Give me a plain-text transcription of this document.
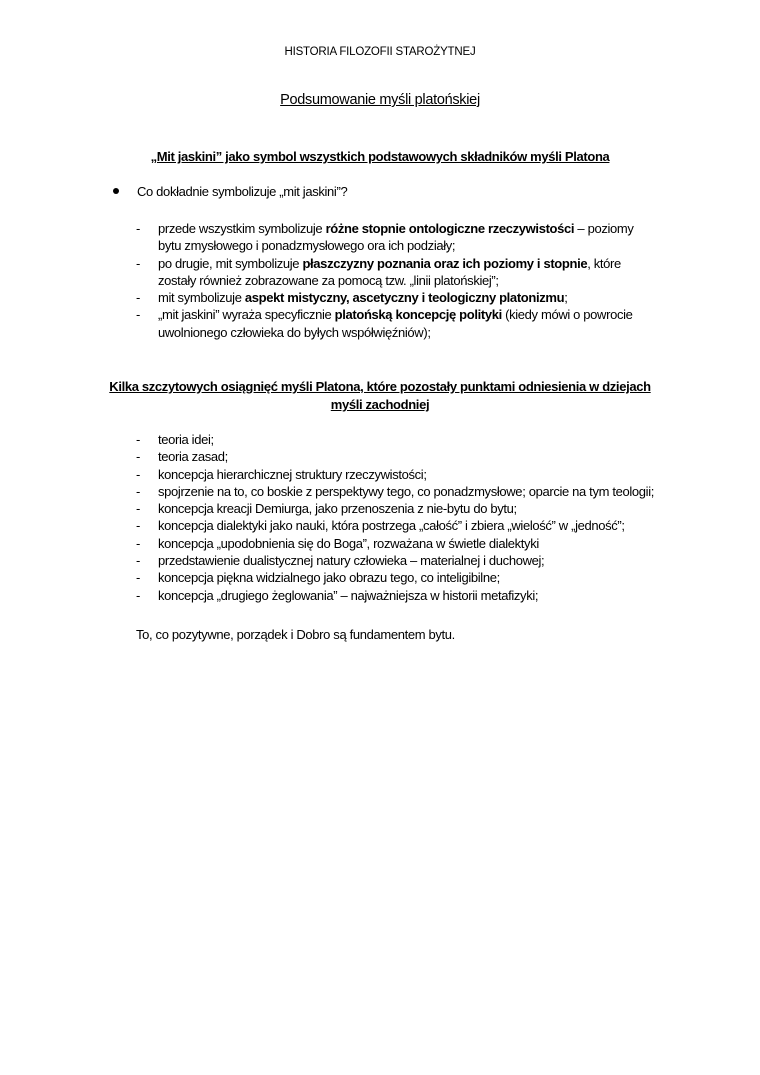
HISTORIA FILOZOFII STAROŻYTNEJ
Podsumowanie myśli platońskiej
„Mit jaskini” jako symbol wszystkich podstawowych składników myśli Platona
Co dokładnie symbolizuje „mit jaskini”?
- przede wszystkim symbolizuje różne stopnie ontologiczne rzeczywistości – poziomy bytu zmysłowego i ponadzmysłowego ora ich podziały;
- po drugie, mit symbolizuje płaszczyzny poznania oraz ich poziomy i stopnie, które zostały również zobrazowane za pomocą tzw. „linii platońskiej”;
- mit symbolizuje aspekt mistyczny, ascetyczny i teologiczny platonizmu;
- „mit jaskini” wyraża specyficznie platońską koncepcję polityki (kiedy mówi o powrocie uwolnionego człowieka do byłych współwięźniów);
Kilka szczytowych osiągnięć myśli Platona, które pozostały punktami odniesienia w dziejach
myśli zachodniej
- teoria idei;
- teoria zasad;
- koncepcja hierarchicznej struktury rzeczywistości;
- spojrzenie na to, co boskie z perspektywy tego, co ponadzmysłowe; oparcie na tym teologii;
- koncepcja kreacji Demiurga, jako przenoszenia z nie-bytu do bytu;
- koncepcja dialektyki jako nauki, która postrzega „całość” i zbiera „wielość” w „jedność”;
- koncepcja „upodobnienia się do Boga”, rozważana w świetle dialektyki
- przedstawienie dualistycznej natury człowieka – materialnej i duchowej;
- koncepcja piękna widzialnego jako obrazu tego, co inteligibilne;
- koncepcja „drugiego żeglowania” – najważniejsza w historii metafizyki;
To, co pozytywne, porządek i Dobro są fundamentem bytu.
